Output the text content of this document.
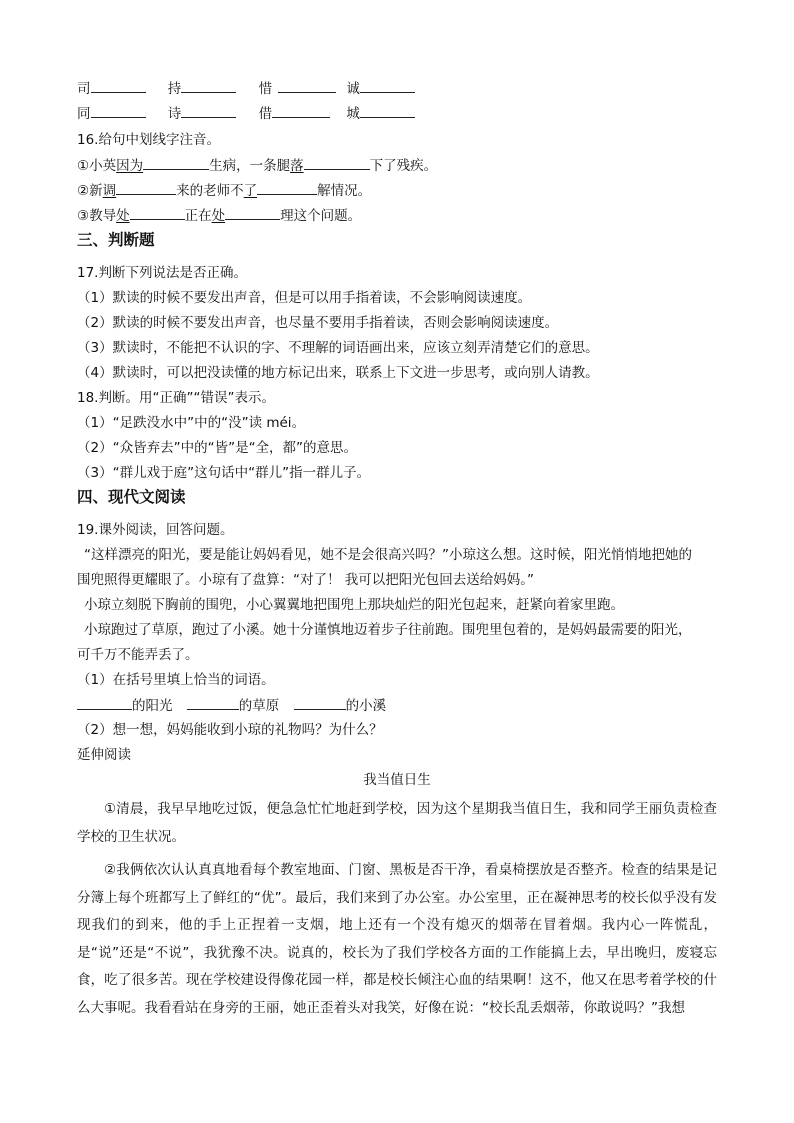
司	持	惜	诚
同	诗	借	城
16.给句中划线字注音。
①小英因为	生病，一条腿落	下了残疾。
②新调	来的老师不了	解情况。
③教导处	正在处	理这个问题。
三、判断题
17.判断下列说法是否正确。
（1）默读的时候不要发出声音，但是可以用手指着读，不会影响阅读速度。
（2）默读的时候不要发出声音，也尽量不要用手指着读，否则会影响阅读速度。
（3）默读时，不能把不认识的字、不理解的词语画出来，应该立刻弄清楚它们的意思。
（4）默读时，可以把没读懂的地方标记出来，联系上下文进一步思考，或向别人请教。
18.判断。用“正确”“错误”表示。
（1）“足跌没水中”中的“没”读 méi。
（2）“众皆弃去”中的“皆”是“全，都”的意思。
（3）“群儿戏于庭”这句话中“群儿”指一群儿子。
四、现代文阅读
19.课外阅读，回答问题。
“这样漂亮的阳光，要是能让妈妈看见，她不是会很高兴吗？”小琼这么想。这时候，阳光悄悄地把她的
围兜照得更耀眼了。小琼有了盘算：“对了！ 我可以把阳光包回去送给妈妈。”
小琼立刻脱下胸前的围兜，小心翼翼地把围兜上那块灿烂的阳光包起来，赶紧向着家里跑。
小琼跑过了草原，跑过了小溪。她十分谨慎地迈着步子往前跑。围兜里包着的，是妈妈最需要的阳光，
可千万不能弄丢了。
（1）在括号里填上恰当的词语。
的阳光	的草原	的小溪
（2）想一想，妈妈能收到小琼的礼物吗？为什么？
延伸阅读
我当值日生
①清晨，我早早地吃过饭，便急急忙忙地赶到学校，因为这个星期我当值日生，我和同学王丽负责检查学校的卫生状况。
②我俩依次认认真真地看每个教室地面、门窗、黑板是否干净，看桌椅摆放是否整齐。检查的结果是记分簿上每个班都写上了鲜红的“优”。最后，我们来到了办公室。办公室里，正在凝神思考的校长似乎没有发现我们的到来，他的手上正捏着一支烟，地上还有一个没有熄灭的烟蒂在冒着烟。我内心一阵慌乱，是“说”还是“不说”，我犹豫不决。说真的，校长为了我们学校各方面的工作能搞上去，早出晚归，废寝忘食，吃了很多苦。现在学校建设得像花园一样，都是校长倾注心血的结果啊！这不，他又在思考着学校的什么大事呢。我看看站在身旁的王丽，她正歪着头对我笑，好像在说：“校长乱丢烟蒂，你敢说吗？”我想
